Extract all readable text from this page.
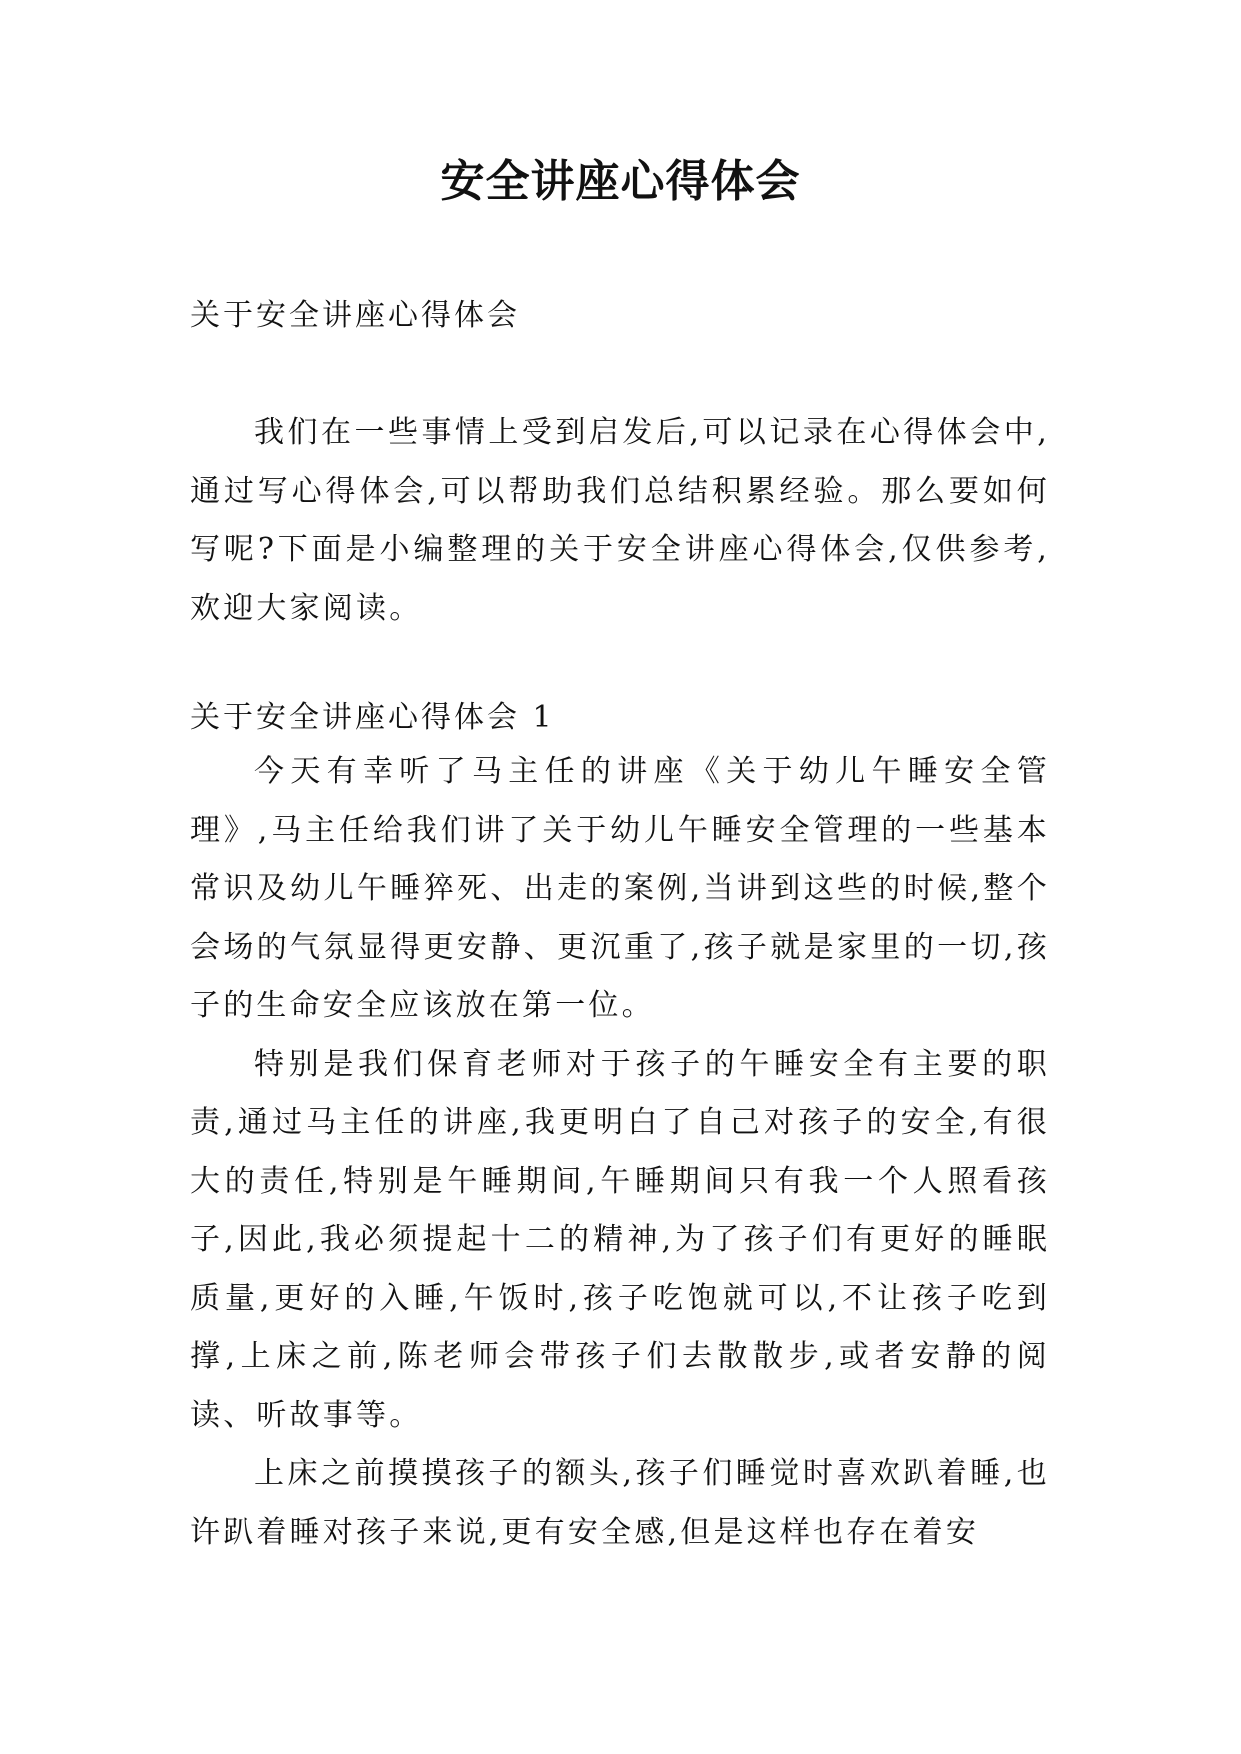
安全讲座心得体会
关于安全讲座心得体会

我们在一些事情上受到启发后,可以记录在心得体会中,通过写心得体会,可以帮助我们总结积累经验。那么要如何写呢?下面是小编整理的关于安全讲座心得体会,仅供参考,欢迎大家阅读。

关于安全讲座心得体会 1

今天有幸听了马主任的讲座《关于幼儿午睡安全管理》,马主任给我们讲了关于幼儿午睡安全管理的一些基本常识及幼儿午睡猝死、出走的案例,当讲到这些的时候,整个会场的气氛显得更安静、更沉重了,孩子就是家里的一切,孩子的生命安全应该放在第一位。

特别是我们保育老师对于孩子的午睡安全有主要的职责,通过马主任的讲座,我更明白了自己对孩子的安全,有很大的责任,特别是午睡期间,午睡期间只有我一个人照看孩子,因此,我必须提起十二的精神,为了孩子们有更好的睡眠质量,更好的入睡,午饭时,孩子吃饱就可以,不让孩子吃到撑,上床之前,陈老师会带孩子们去散散步,或者安静的阅读、听故事等。

上床之前摸摸孩子的额头,孩子们睡觉时喜欢趴着睡,也许趴着睡对孩子来说,更有安全感,但是这样也存在着安
